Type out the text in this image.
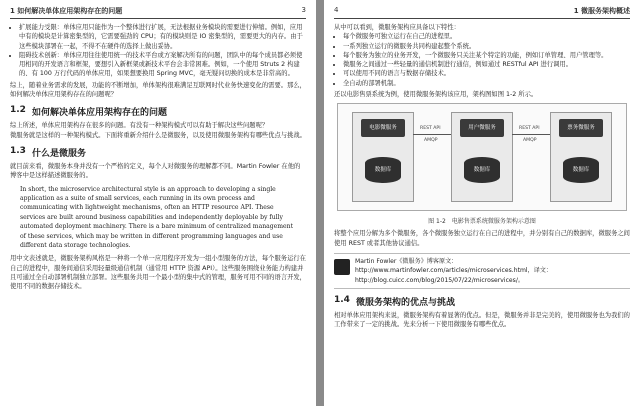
1 如何解决单体应用架构存在的问题	3
• 扩展能力受限：单体应用只能作为一个整体进行扩展，无法根据业务模块的需要进行伸缩。例如，应用中有的模块是计算密集型的，它需要强劲的 CPU；有的模块则是 IO 密集型的，需要更大的内存。由于这些模块部署在一起，不得不在硬件的选择上做出妥协。
• 阻碍技术创新：单体应用往往使用统一的技术平台或方案解决所有的问题，团队中的每个成员都必须使用相同的开发语言和框架，要想引入新框架或新技术平台会非常困难。例如，一个使用 Struts 2 构建的、有 100 万行代码的单体应用，如果想要换用 Spring MVC，毫无疑问切换的成本是非常高的。

综上，随着业务需求的发展，功能的不断增加，单体架构很难满足互联网时代业务快速变化的需要。那么，如何解决单体应用架构存在的问题呢？

1.2 如何解决单体应用架构存在的问题

综上所述，单体应用架构存在很多的问题。有没有一种架构模式可以有助于解决这些问题呢？

微服务就是这样的一种架构模式。下面将重新介绍什么是微服务，以及使用微服务架构有哪些优点与挑战。

1.3 什么是微服务

就目前来看，微服务本身并没有一个严格的定义，每个人对微服务的理解都不同。Martin Fowler 在他的博客中是这样描述微服务的。

In short, the microservice architectural style is an approach to developing a single application as a suite of small services, each running in its own process and communicating with lightweight mechanisms, often an HTTP resource API. These services are built around business capabilities and independently deployable by fully automated deployment machinery. There is a bare minimum of centralized management of these services, which may be written in different programming languages and use different data storage technologies.

用中文表述就是，微服务架构风格是一种将一个单一应用程序开发为一组小型服务的方法，每个服务运行在自己的进程中，服务间通信采用轻量级通信机制（通常用 HTTP 资源 API）。这些服务围绕业务能力构建并且可通过全自动部署机制独立部署。这些服务共用一个最小型的集中式的管理，服务可用不同的语言开发，使用不同的数据存储技术。

4	1 微服务架构概述

从中可以看到，微服务架构应具备以下特性：

• 每个微服务可独立运行在自己的进程里。
• 一系列独立运行的微服务共同构建起整个系统。
• 每个服务为独立的业务开发，一个微服务只关注某个特定的功能，例如订单管理、用户管理等。
• 微服务之间通过一些轻量的通信机制进行通信，例如通过 RESTful API 进行调用。
• 可以使用不同的语言与数据存储技术。
• 全自动的部署机制。

还以电影售票系统为例，使用微服务架构该应用，架构图如图 1-2 所示。

电影微服务
数据库
用户微服务
数据库
票务微服务
数据库
REST API
AMQP
REST API
AMQP
图 1-2　电影售票系统微服务架构示意图

将整个应用分解为多个微服务，各个微服务独立运行在自己的进程中，并分别有自己的数据库，微服务之间使用 REST 或者其他协议通信。

Martin Fowler《微服务》博客原文：http://www.martinfowler.com/articles/microservices.html，译文：http://blog.cuicc.com/blog/2015/07/22/microservices/。

1.4 微服务架构的优点与挑战

相对单体应用架构来说，微服务架构有着显著的优点。但是，微服务并非是完美的，使用微服务也为我们的工作带来了一定的挑战。先来分析一下使用微服务有哪些优点。
